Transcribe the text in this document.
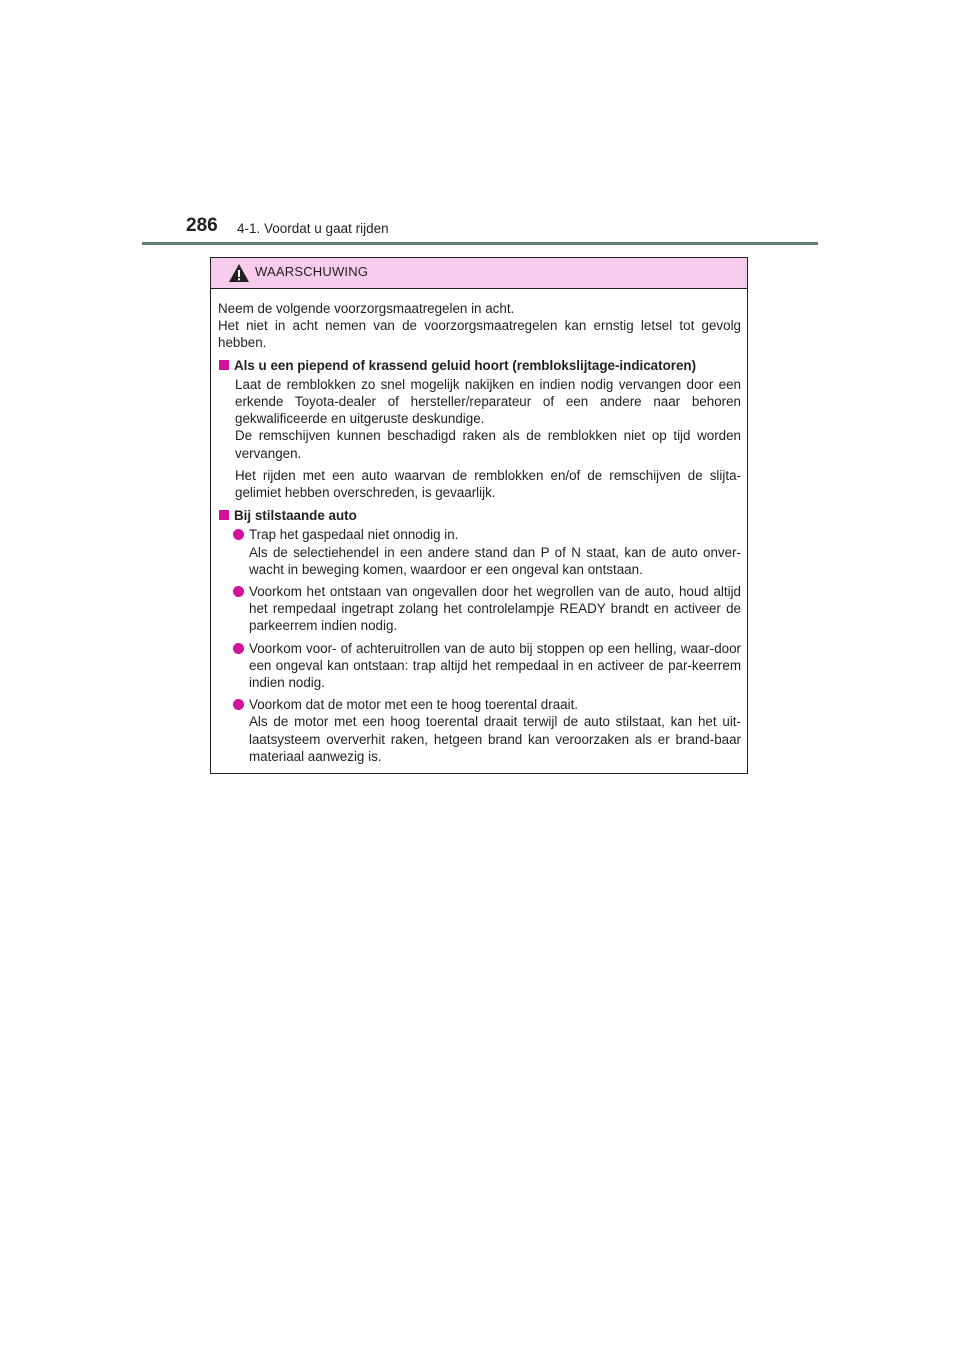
286 4-1. Voordat u gaat rijden
WAARSCHUWING

Neem de volgende voorzorgsmaatregelen in acht.
Het niet in acht nemen van de voorzorgsmaatregelen kan ernstig letsel tot gevolg hebben.

Als u een piepend of krassend geluid hoort (remblokslijtage-indicatoren)

Laat de remblokken zo snel mogelijk nakijken en indien nodig vervangen door een erkende Toyota-dealer of hersteller/reparateur of een andere naar behoren gekwalificeerde en uitgeruste deskundige.
De remschijven kunnen beschadigd raken als de remblokken niet op tijd worden vervangen.

Het rijden met een auto waarvan de remblokken en/of de remschijven de slijta-gelimiet hebben overschreden, is gevaarlijk.

Bij stilstaande auto

Trap het gaspedaal niet onnodig in.
Als de selectiehendel in een andere stand dan P of N staat, kan de auto onver-wacht in beweging komen, waardoor er een ongeval kan ontstaan.
Voorkom het ontstaan van ongevallen door het wegrollen van de auto, houd altijd het rempedaal ingetrapt zolang het controlelampje READY brandt en activeer de parkeerrem indien nodig.
Voorkom voor- of achteruitrollen van de auto bij stoppen op een helling, waar-door een ongeval kan ontstaan: trap altijd het rempedaal in en activeer de par-keerrem indien nodig.
Voorkom dat de motor met een te hoog toerental draait.
Als de motor met een hoog toerental draait terwijl de auto stilstaat, kan het uit-laatsysteem oververhit raken, hetgeen brand kan veroorzaken als er brand-baar materiaal aanwezig is.
